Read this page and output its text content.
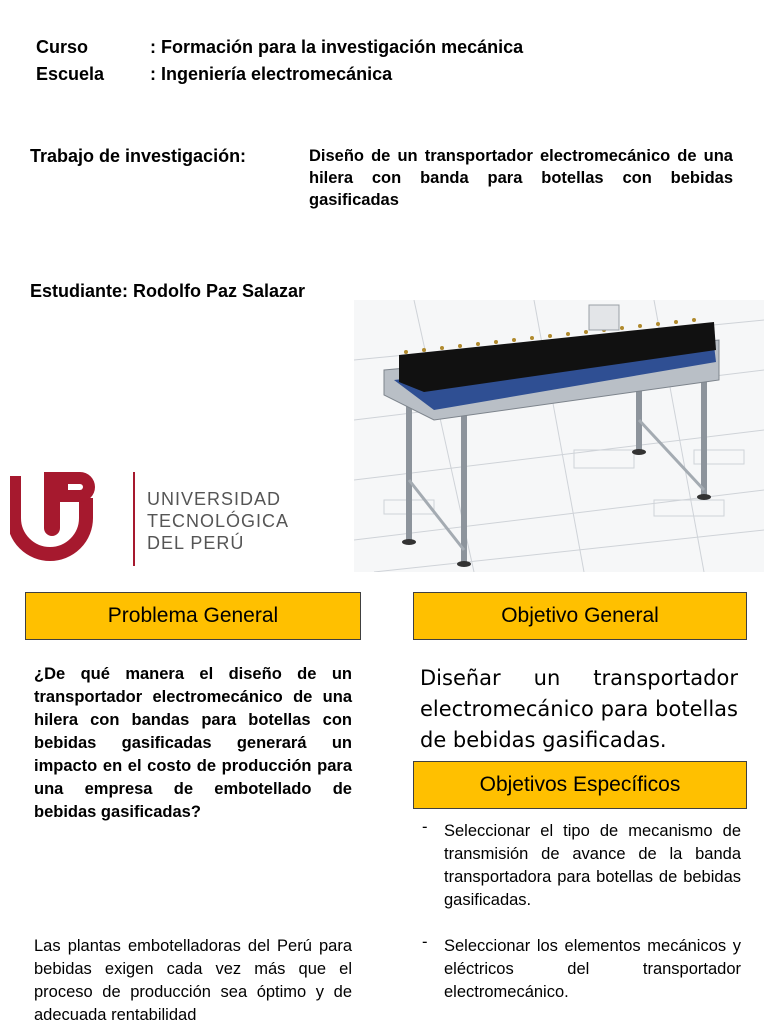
Curso	: Formación para la investigación mecánica
Escuela	: Ingeniería electromecánica
Trabajo de investigación:	Diseño de un transportador electromecánico de una hilera con banda para botellas con bebidas gasificadas
Estudiante: Rodolfo Paz Salazar
UNIVERSIDAD
TECNOLÓGICA
DEL PERÚ
Problema General
¿De qué manera el diseño de un transportador electromecánico de una hilera con bandas para botellas con bebidas gasificadas generará un impacto en el costo de producción para una empresa de embotellado de bebidas gasificadas?
Las plantas embotelladoras del Perú para bebidas exigen cada vez más que el proceso de producción sea óptimo y de adecuada rentabilidad
Objetivo General
Diseñar un transportador electromecánico para botellas de bebidas gasificadas.
Objetivos Específicos
- Seleccionar el tipo de mecanismo de transmisión de avance de la banda transportadora para botellas de bebidas gasificadas.
- Seleccionar los elementos mecánicos y eléctricos del transportador electromecánico.
